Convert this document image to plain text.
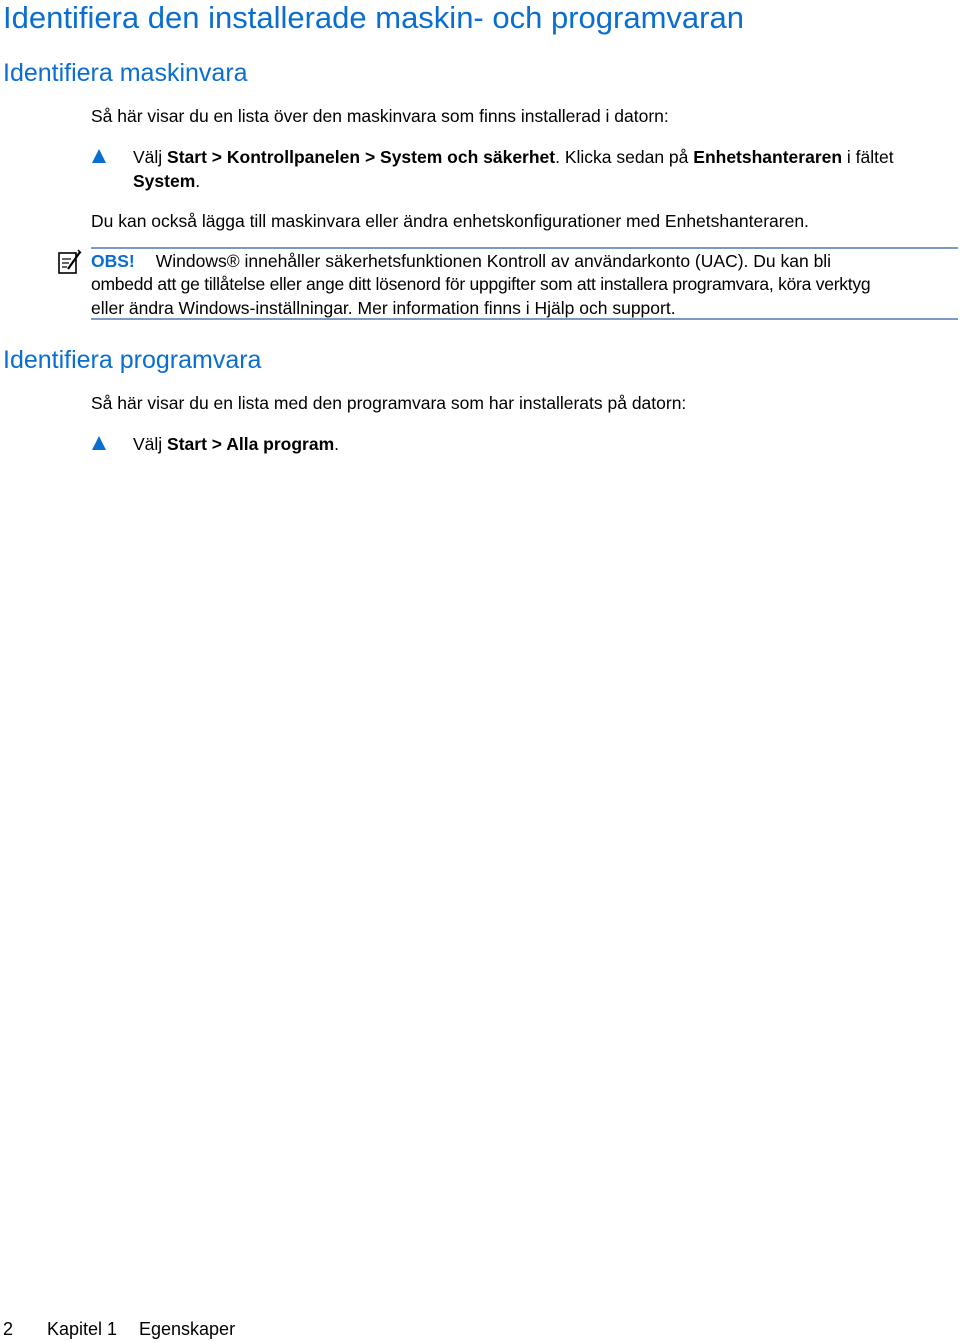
Identifiera den installerade maskin- och programvaran
Identifiera maskinvara

Så här visar du en lista över den maskinvara som finns installerad i datorn:

Välj Start > Kontrollpanelen > System och säkerhet. Klicka sedan på Enhetshanteraren i fältet

System.

Du kan också lägga till maskinvara eller ändra enhetskonfigurationer med Enhetshanteraren.

OBS! Windows® innehåller säkerhetsfunktionen Kontroll av användarkonto (UAC). Du kan bli

ombedd att ge tillåtelse eller ange ditt lösenord för uppgifter som att installera programvara, köra verktyg

eller ändra Windows-inställningar. Mer information finns i Hjälp och support.

Identifiera programvara

Så här visar du en lista med den programvara som har installerats på datorn:

Välj Start > Alla program.

2 Kapitel 1 Egenskaper
